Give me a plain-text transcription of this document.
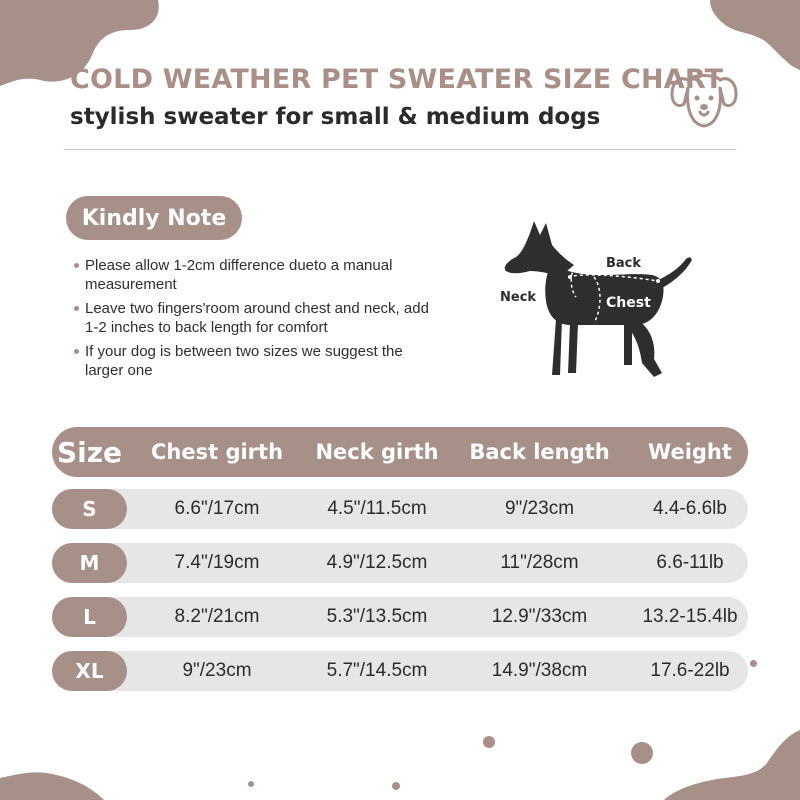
COLD WEATHER PET SWEATER SIZE CHART
stylish sweater for small & medium dogs
Kindly Note
Please allow 1-2cm difference dueto a manual measurement
Leave two fingers'room around chest and neck, add 1-2 inches to back length for comfort
If your dog is between two sizes we suggest the larger one
Back
Neck	Chest
Size	Chest girth	Neck girth	Back length	Weight
S	6.6"/17cm	4.5"/11.5cm	9"/23cm	4.4-6.6lb
M	7.4"/19cm	4.9"/12.5cm	11"/28cm	6.6-11lb
L	8.2"/21cm	5.3"/13.5cm	12.9"/33cm	13.2-15.4lb
XL	9"/23cm	5.7"/14.5cm	14.9"/38cm	17.6-22lb
